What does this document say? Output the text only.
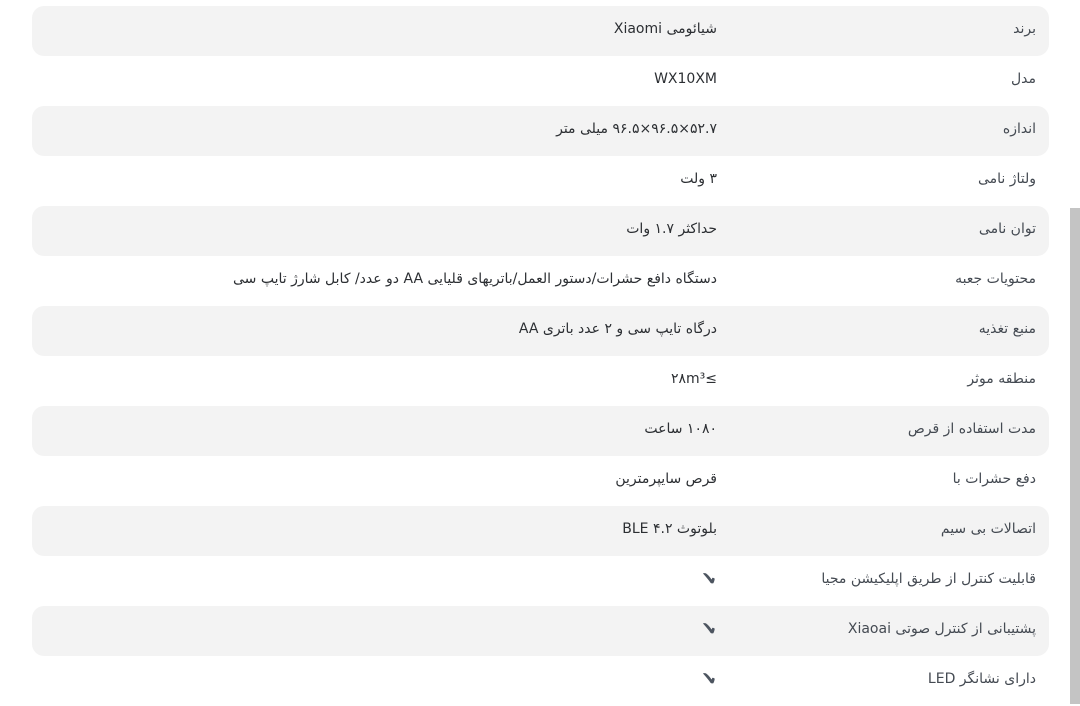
برند
شیائومی Xiaomi
مدل
WX10XM
اندازه
۵۲.۷×۹۶.۵×۹۶.۵ میلی متر
ولتاژ نامی
۳ ولت
توان نامی
حداکثر ۱.۷ وات
محتویات جعبه
دستگاه دافع حشرات/دستور العمل/باتریهای قلیایی AA دو عدد/ کابل شارژ تایپ سی
منبع تغذیه
درگاه تایپ سی و ۲ عدد باتری AA
منطقه موثر
≥۲۸m³
مدت استفاده از قرص
۱۰۸۰ ساعت
دفع حشرات با
قرص سایپرمترین
اتصالات بی سیم
بلوتوث ۴.۲ BLE
قابلیت کنترل از طریق اپلیکیشن مجیا
✔
پشتیبانی از کنترل صوتی Xiaoai
✔
دارای نشانگر LED
✔
